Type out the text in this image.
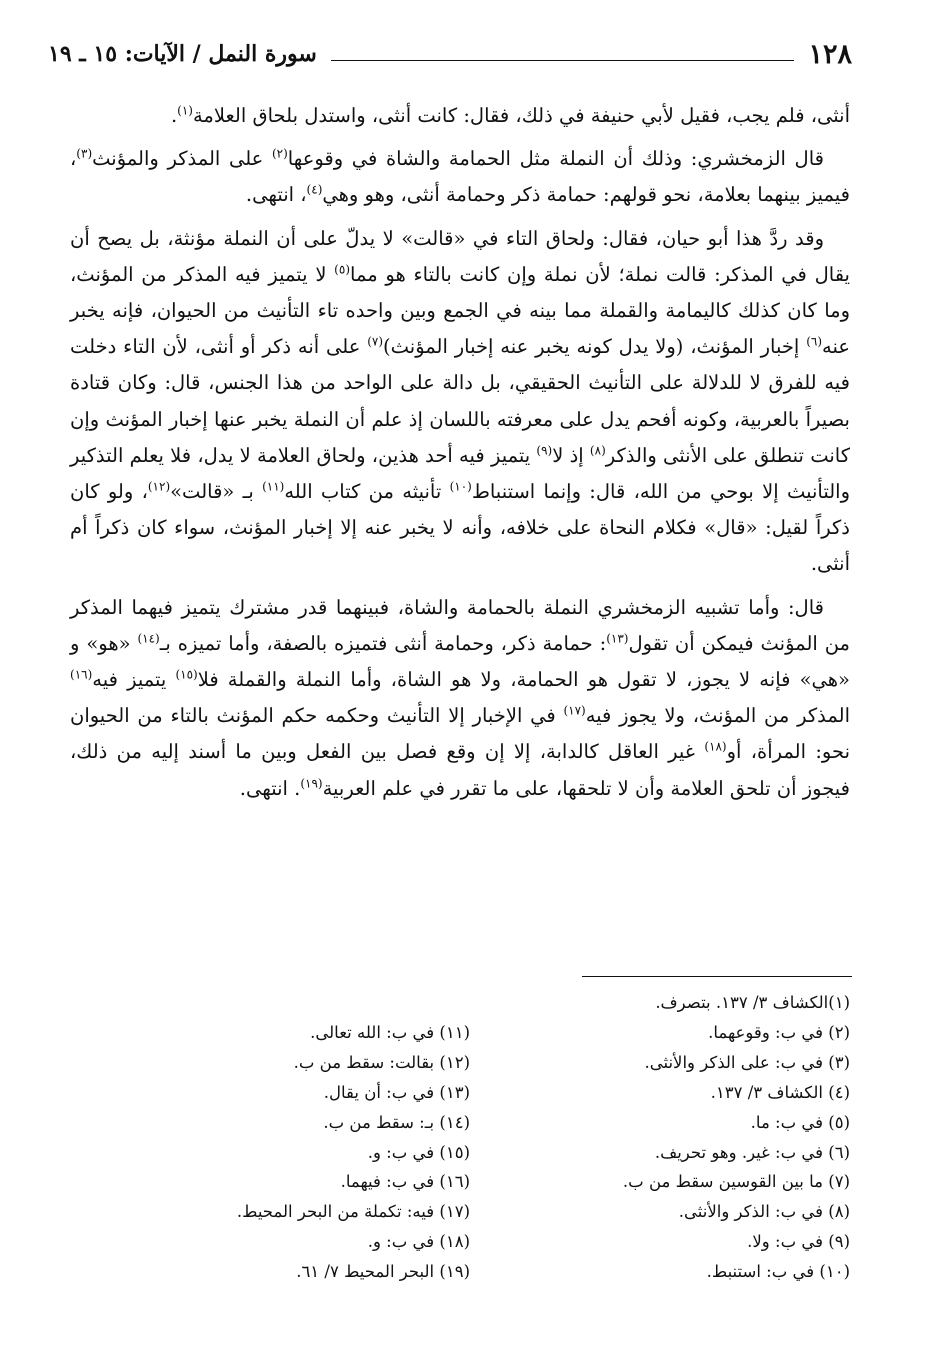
١٢٨
سورة النمل / الآيات: ١٥ ـ ١٩

أنثى، فلم يجب، فقيل لأبي حنيفة في ذلك، فقال: كانت أنثى، واستدل بلحاق العلامة$^{(١)}$.

قال الزمخشري: وذلك أن النملة مثل الحمامة والشاة في وقوعها$^{(٢)}$ على المذكر والمؤنث$^{(٣)}$، فيميز بينهما بعلامة، نحو قولهم: حمامة ذكر وحمامة أنثى، وهو وهي$^{(٤)}$، انتهى.

وقد ردَّ هذا أبو حيان، فقال: ولحاق التاء في «قالت» لا يدلّ على أن النملة مؤنثة، بل يصح أن يقال في المذكر: قالت نملة؛ لأن نملة وإن كانت بالتاء هو مما$^{(٥)}$ لا يتميز فيه المذكر من المؤنث، وما كان كذلك كاليمامة والقملة مما بينه في الجمع وبين واحده تاء التأنيث من الحيوان، فإنه يخبر عنه$^{(٦)}$ إخبار المؤنث، (ولا يدل كونه يخبر عنه إخبار المؤنث)$^{(٧)}$ على أنه ذكر أو أنثى، لأن التاء دخلت فيه للفرق لا للدلالة على التأنيث الحقيقي، بل دالة على الواحد من هذا الجنس، قال: وكان قتادة بصيراً بالعربية، وكونه أفحم يدل على معرفته باللسان إذ علم أن النملة يخبر عنها إخبار المؤنث وإن كانت تنطلق على الأنثى والذكر$^{(٨)}$ إذ لا$^{(٩)}$ يتميز فيه أحد هذين، ولحاق العلامة لا يدل، فلا يعلم التذكير والتأنيث إلا بوحي من الله، قال: وإنما استنباط$^{(١٠)}$ تأنيثه من كتاب الله$^{(١١)}$ بـ «قالت»$^{(١٢)}$، ولو كان ذكراً لقيل: «قال» فكلام النحاة على خلافه، وأنه لا يخبر عنه إلا إخبار المؤنث، سواء كان ذكراً أم أنثى.

قال: وأما تشبيه الزمخشري النملة بالحمامة والشاة، فبينهما قدر مشترك يتميز فيهما المذكر من المؤنث فيمكن أن تقول$^{(١٣)}$: حمامة ذكر، وحمامة أنثى فتميزه بالصفة، وأما تميزه بـ$^{(١٤)}$ «هو» و «هي» فإنه لا يجوز، لا تقول هو الحمامة، ولا هو الشاة، وأما النملة والقملة فلا$^{(١٥)}$ يتميز فيه$^{(١٦)}$ المذكر من المؤنث، ولا يجوز فيه$^{(١٧)}$ في الإخبار إلا التأنيث وحكمه حكم المؤنث بالتاء من الحيوان نحو: المرأة، أو$^{(١٨)}$ غير العاقل كالدابة، إلا إن وقع فصل بين الفعل وبين ما أسند إليه من ذلك، فيجوز أن تلحق العلامة وأن لا تلحقها، على ما تقرر في علم العربية$^{(١٩)}$. انتهى.

(١)الكشاف ٣/ ١٣٧. بتصرف.
(٢) في ب: وقوعهما.
(٣) في ب: على الذكر والأنثى.
(٤) الكشاف ٣/ ١٣٧.
(٥) في ب: ما.
(٦) في ب: غير. وهو تحريف.
(٧) ما بين القوسين سقط من ب.
(٨) في ب: الذكر والأنثى.
(٩) في ب: ولا.
(١٠) في ب: استنبط.
(١١) في ب: الله تعالى.
(١٢) بقالت: سقط من ب.
(١٣) في ب: أن يقال.
(١٤) بـ: سقط من ب.
(١٥) في ب: و.
(١٦) في ب: فيهما.
(١٧) فيه: تكملة من البحر المحيط.
(١٨) في ب: و.
(١٩) البحر المحيط ٧/ ٦١.
